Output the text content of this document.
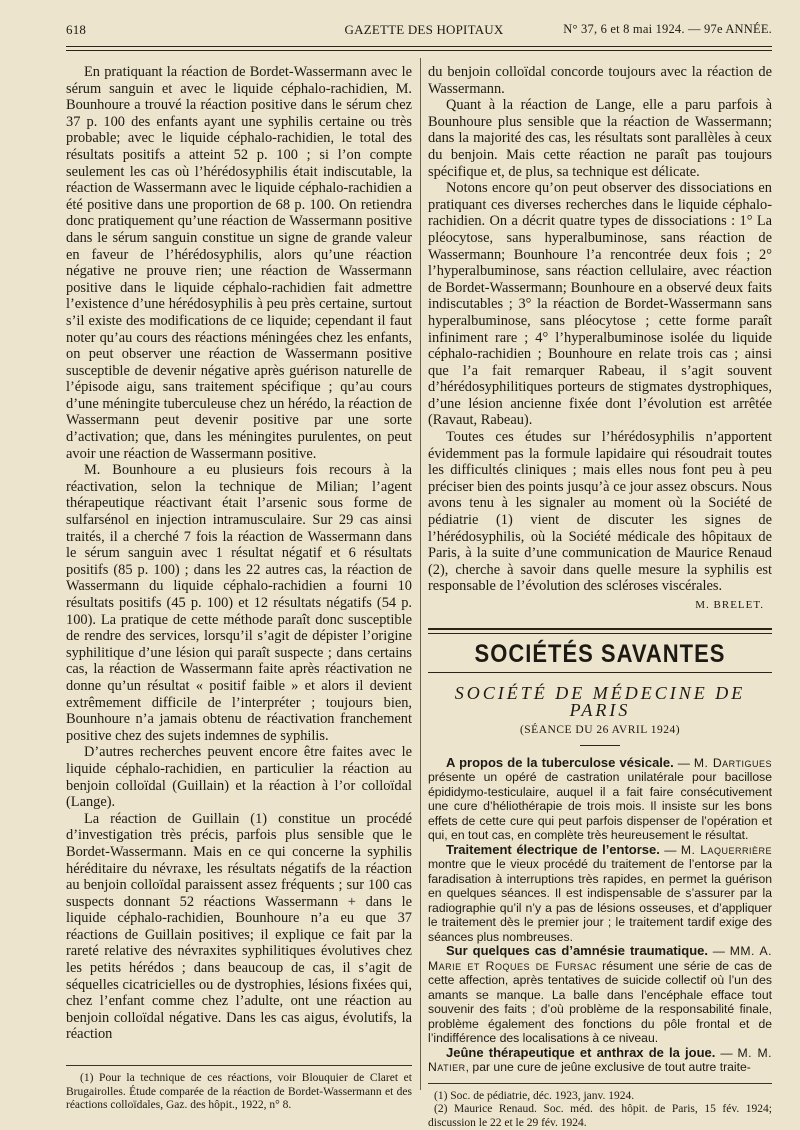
618	GAZETTE DES HOPITAUX	N° 37, 6 et 8 mai 1924. — 97e ANNÉE.

En pratiquant la réaction de Bordet-Wassermann avec le sérum sanguin et avec le liquide céphalo-rachidien, M. Bounhoure a trouvé la réaction positive dans le sérum chez 37 p. 100 des enfants ayant une syphilis certaine ou très probable; avec le liquide céphalo-rachidien, le total des résultats positifs a atteint 52 p. 100 ; si l’on compte seulement les cas où l’hérédosyphilis était indiscutable, la réaction de Wassermann avec le liquide céphalo-rachidien a été positive dans une proportion de 68 p. 100. On retiendra donc pratiquement qu’une réaction de Wassermann positive dans le sérum sanguin constitue un signe de grande valeur en faveur de l’hérédosyphilis, alors qu’une réaction négative ne prouve rien; une réaction de Wassermann positive dans le liquide céphalo-rachidien fait admettre l’existence d’une hérédosyphilis à peu près certaine, surtout s’il existe des modifications de ce liquide; cependant il faut noter qu’au cours des réactions méningées chez les enfants, on peut observer une réaction de Wassermann positive susceptible de devenir négative après guérison naturelle de l’épisode aigu, sans traitement spécifique ; qu’au cours d’une méningite tuberculeuse chez un hérédo, la réaction de Wassermann peut devenir positive par une sorte d’activation; que, dans les méningites purulentes, on peut avoir une réaction de Wassermann positive.

M. Bounhoure a eu plusieurs fois recours à la réactivation, selon la technique de Milian; l’agent thérapeutique réactivant était l’arsenic sous forme de sulfarsénol en injection intramusculaire. Sur 29 cas ainsi traités, il a cherché 7 fois la réaction de Wassermann dans le sérum sanguin avec 1 résultat négatif et 6 résultats positifs (85 p. 100) ; dans les 22 autres cas, la réaction de Wassermann du liquide céphalo-rachidien a fourni 10 résultats positifs (45 p. 100) et 12 résultats négatifs (54 p. 100). La pratique de cette méthode paraît donc susceptible de rendre des services, lorsqu’il s’agit de dépister l’origine syphilitique d’une lésion qui paraît suspecte ; dans certains cas, la réaction de Wassermann faite après réactivation ne donne qu’un résultat « positif faible » et alors il devient extrêmement difficile de l’interpréter ; toujours bien, Bounhoure n’a jamais obtenu de réactivation franchement positive chez des sujets indemnes de syphilis.

D’autres recherches peuvent encore être faites avec le liquide céphalo-rachidien, en particulier la réaction au benjoin colloïdal (Guillain) et la réaction à l’or colloïdal (Lange).

La réaction de Guillain (1) constitue un procédé d’investigation très précis, parfois plus sensible que le Bordet-Wassermann. Mais en ce qui concerne la syphilis héréditaire du névraxe, les résultats négatifs de la réaction au benjoin colloïdal paraissent assez fréquents ; sur 100 cas suspects donnant 52 réactions Wassermann + dans le liquide céphalo-rachidien, Bounhoure n’a eu que 37 réactions de Guillain positives; il explique ce fait par la rareté relative des névraxites syphilitiques évolutives chez les petits hérédos ; dans beaucoup de cas, il s’agit de séquelles cicatricielles ou de dystrophies, lésions fixées qui, chez l’enfant comme chez l’adulte, ont une réaction au benjoin colloïdal négative. Dans les cas aigus, évolutifs, la réaction

(1) Pour la technique de ces réactions, voir Blouquier de Claret et Brugairolles. Étude comparée de la réaction de Bordet-Wassermann et des réactions colloïdales, Gaz. des hôpit., 1922, n° 8.

du benjoin colloïdal concorde toujours avec la réaction de Wassermann.

Quant à la réaction de Lange, elle a paru parfois à Bounhoure plus sensible que la réaction de Wassermann; dans la majorité des cas, les résultats sont parallèles à ceux du benjoin. Mais cette réaction ne paraît pas toujours spécifique et, de plus, sa technique est délicate.

Notons encore qu’on peut observer des dissociations en pratiquant ces diverses recherches dans le liquide céphalo-rachidien. On a décrit quatre types de dissociations : 1° La pléocytose, sans hyperalbuminose, sans réaction de Wassermann; Bounhoure l’a rencontrée deux fois ; 2° l’hyperalbuminose, sans réaction cellulaire, avec réaction de Bordet-Wassermann; Bounhoure en a observé deux faits indiscutables ; 3° la réaction de Bordet-Wassermann sans hyperalbuminose, sans pléocytose ; cette forme paraît infiniment rare ; 4° l’hyperalbuminose isolée du liquide céphalo-rachidien ; Bounhoure en relate trois cas ; ainsi que l’a fait remarquer Rabeau, il s’agit souvent d’hérédosyphilitiques porteurs de stigmates dystrophiques, d’une lésion ancienne fixée dont l’évolution est arrêtée (Ravaut, Rabeau).

Toutes ces études sur l’hérédosyphilis n’apportent évidemment pas la formule lapidaire qui résoudrait toutes les difficultés cliniques ; mais elles nous font peu à peu préciser bien des points jusqu’à ce jour assez obscurs. Nous avons tenu à les signaler au moment où la Société de pédiatrie (1) vient de discuter les signes de l’hérédosyphilis, où la Société médicale des hôpitaux de Paris, à la suite d’une communication de Maurice Renaud (2), cherche à savoir dans quelle mesure la syphilis est responsable de l’évolution des scléroses viscérales.

M. BRELET.
SOCIÉTÉS SAVANTES
SOCIÉTÉ DE MÉDECINE DE PARIS
(SÉANCE DU 26 AVRIL 1924)

A propos de la tuberculose vésicale. — M. Dartigues présente un opéré de castration unilatérale pour bacillose épididymo-testiculaire, auquel il a fait faire consécutivement une cure d’héliothérapie de trois mois. Il insiste sur les bons effets de cette cure qui peut parfois dispenser de l’opération et qui, en tout cas, en complète très heureusement le résultat.

Traitement électrique de l’entorse. — M. Laquerrière montre que le vieux procédé du traitement de l’entorse par la faradisation à interruptions très rapides, en permet la guérison en quelques séances. Il est indispensable de s’assurer par la radiographie qu’il n’y a pas de lésions osseuses, et d’appliquer le traitement dès le premier jour ; le traitement tardif exige des séances plus nombreuses.

Sur quelques cas d’amnésie traumatique. — MM. A. Marie et Roques de Fursac résument une série de cas de cette affection, après tentatives de suicide collectif où l’un des amants se manque. La balle dans l’encéphale efface tout souvenir des faits ; d’où problème de la responsabilité finale, problème également des fonctions du pôle frontal et de l’indifférence des localisations à ce niveau.

Jeûne thérapeutique et anthrax de la joue. — M. M. Natier, par une cure de jeûne exclusive de tout autre traite-

(1) Soc. de pédiatrie, déc. 1923, janv. 1924.

(2) Maurice Renaud. Soc. méd. des hôpit. de Paris, 15 fév. 1924; discussion le 22 et le 29 fév. 1924.
